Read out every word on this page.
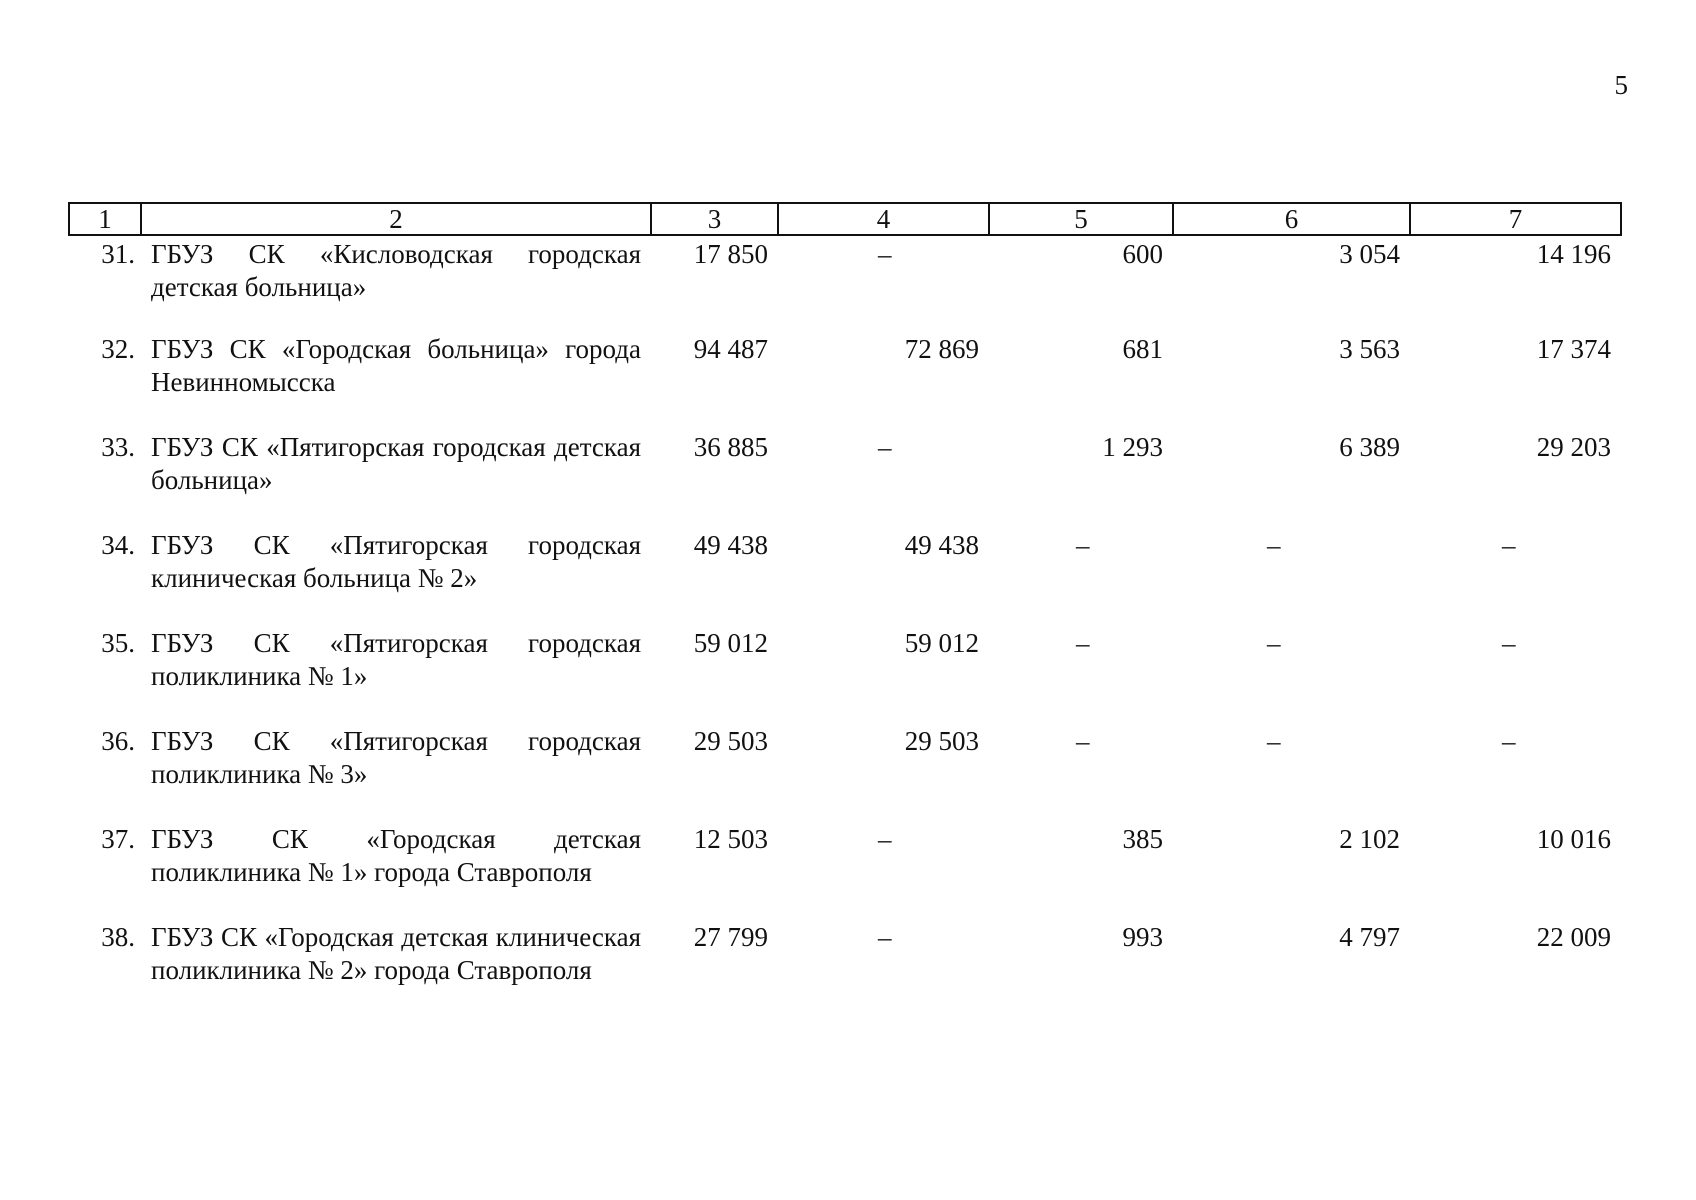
5
1	2	3	4	5	6	7
31.	ГБУЗ СК «Кисловодская городская детская больница»	17 850	–	600	3 054	14 196
32.	ГБУЗ СК «Городская больница» города Невинномысска	94 487	72 869	681	3 563	17 374
33.	ГБУЗ СК «Пятигорская городская детская больница»	36 885	–	1 293	6 389	29 203
34.	ГБУЗ СК «Пятигорская городская клиническая больница № 2»	49 438	49 438	–	–	–
35.	ГБУЗ СК «Пятигорская городская поликлиника № 1»	59 012	59 012	–	–	–
36.	ГБУЗ СК «Пятигорская городская поликлиника № 3»	29 503	29 503	–	–	–
37.	ГБУЗ СК «Городская детская поликлиника № 1» города Ставрополя	12 503	–	385	2 102	10 016
38.	ГБУЗ СК «Городская детская клиническая поликлиника № 2» города Ставрополя	27 799	–	993	4 797	22 009
